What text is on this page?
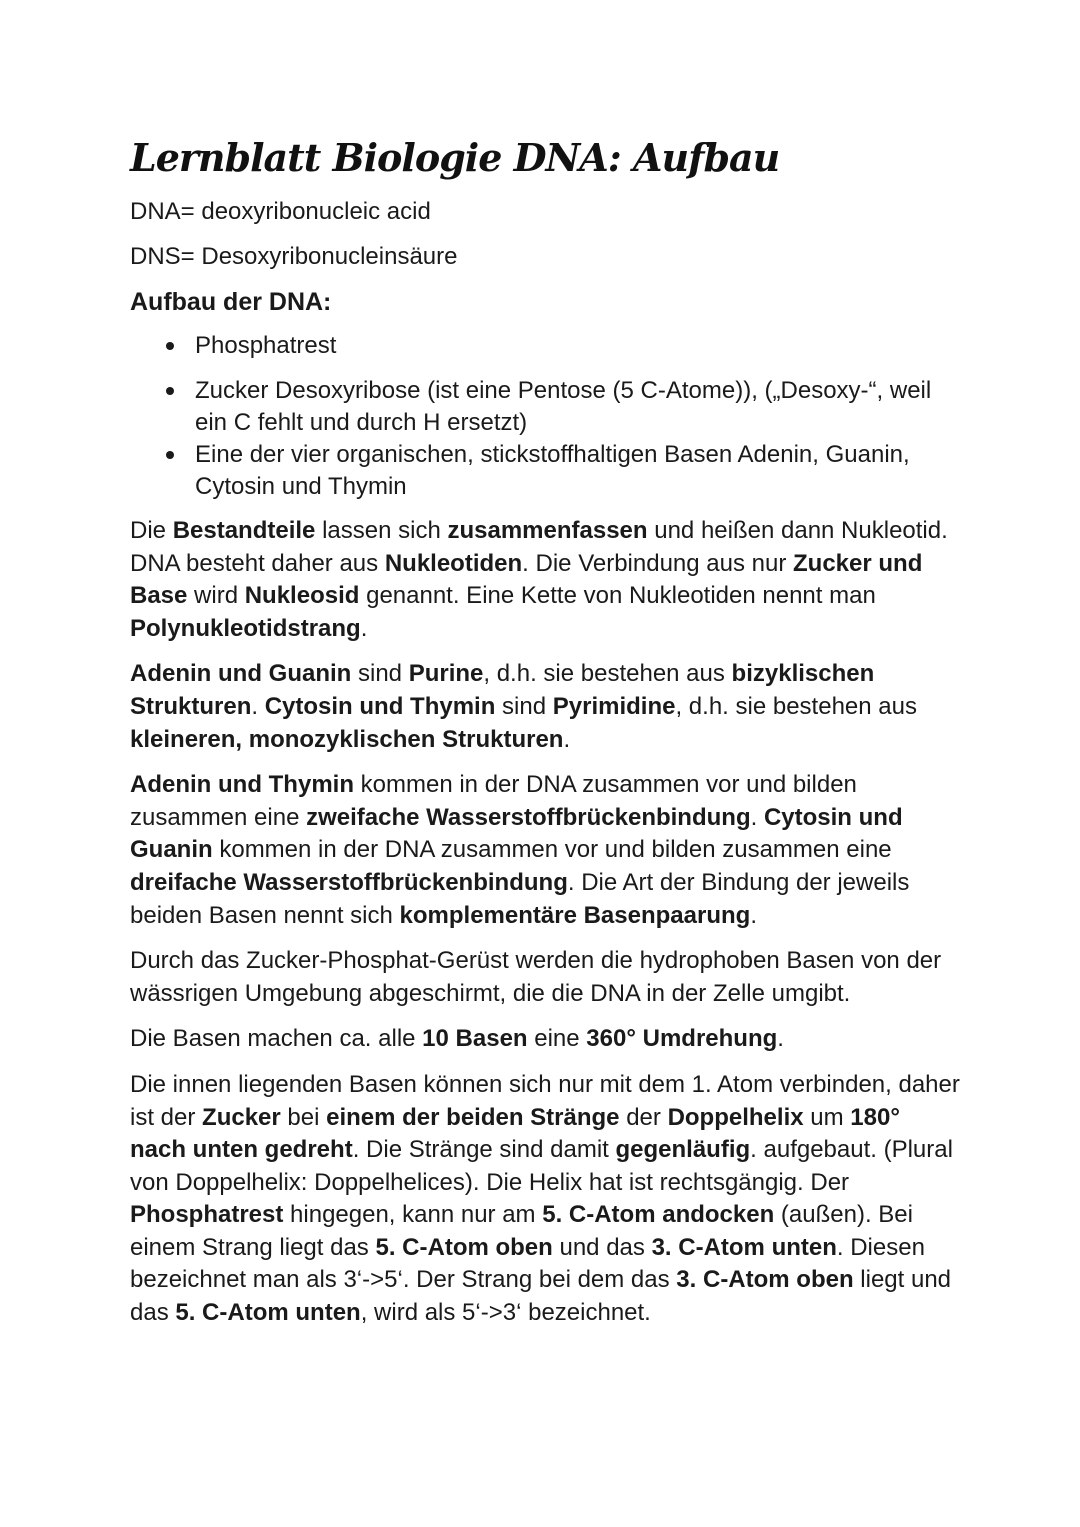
Lernblatt Biologie DNA: Aufbau

DNA= deoxyribonucleic acid

DNS= Desoxyribonucleinsäure

Aufbau der DNA:
Phosphatrest
Zucker Desoxyribose (ist eine Pentose (5 C-Atome)), („Desoxy-“, weil ein C fehlt und durch H ersetzt)
Eine der vier organischen, stickstoffhaltigen Basen Adenin, Guanin, Cytosin und Thymin

Die Bestandteile lassen sich zusammenfassen und heißen dann Nukleotid. DNA besteht daher aus Nukleotiden. Die Verbindung aus nur Zucker und Base wird Nukleosid genannt. Eine Kette von Nukleotiden nennt man Polynukleotidstrang.

Adenin und Guanin sind Purine, d.h. sie bestehen aus bizyklischen Strukturen. Cytosin und Thymin sind Pyrimidine, d.h. sie bestehen aus kleineren, monozyklischen Strukturen.

Adenin und Thymin kommen in der DNA zusammen vor und bilden zusammen eine zweifache Wasserstoffbrückenbindung. Cytosin und Guanin kommen in der DNA zusammen vor und bilden zusammen eine dreifache Wasserstoffbrückenbindung. Die Art der Bindung der jeweils beiden Basen nennt sich komplementäre Basenpaarung.

Durch das Zucker-Phosphat-Gerüst werden die hydrophoben Basen von der wässrigen Umgebung abgeschirmt, die die DNA in der Zelle umgibt.

Die Basen machen ca. alle 10 Basen eine 360° Umdrehung.

Die innen liegenden Basen können sich nur mit dem 1. Atom verbinden, daher ist der Zucker bei einem der beiden Stränge der Doppelhelix um 180° nach unten gedreht. Die Stränge sind damit gegenläufig. aufgebaut. (Plural von Doppelhelix: Doppelhelices). Die Helix hat ist rechtsgängig. Der Phosphatrest hingegen, kann nur am 5. C-Atom andocken (außen). Bei einem Strang liegt das 5. C-Atom oben und das 3. C-Atom unten. Diesen bezeichnet man als 3‘->5‘. Der Strang bei dem das 3. C-Atom oben liegt und das 5. C-Atom unten, wird als 5‘->3‘ bezeichnet.
